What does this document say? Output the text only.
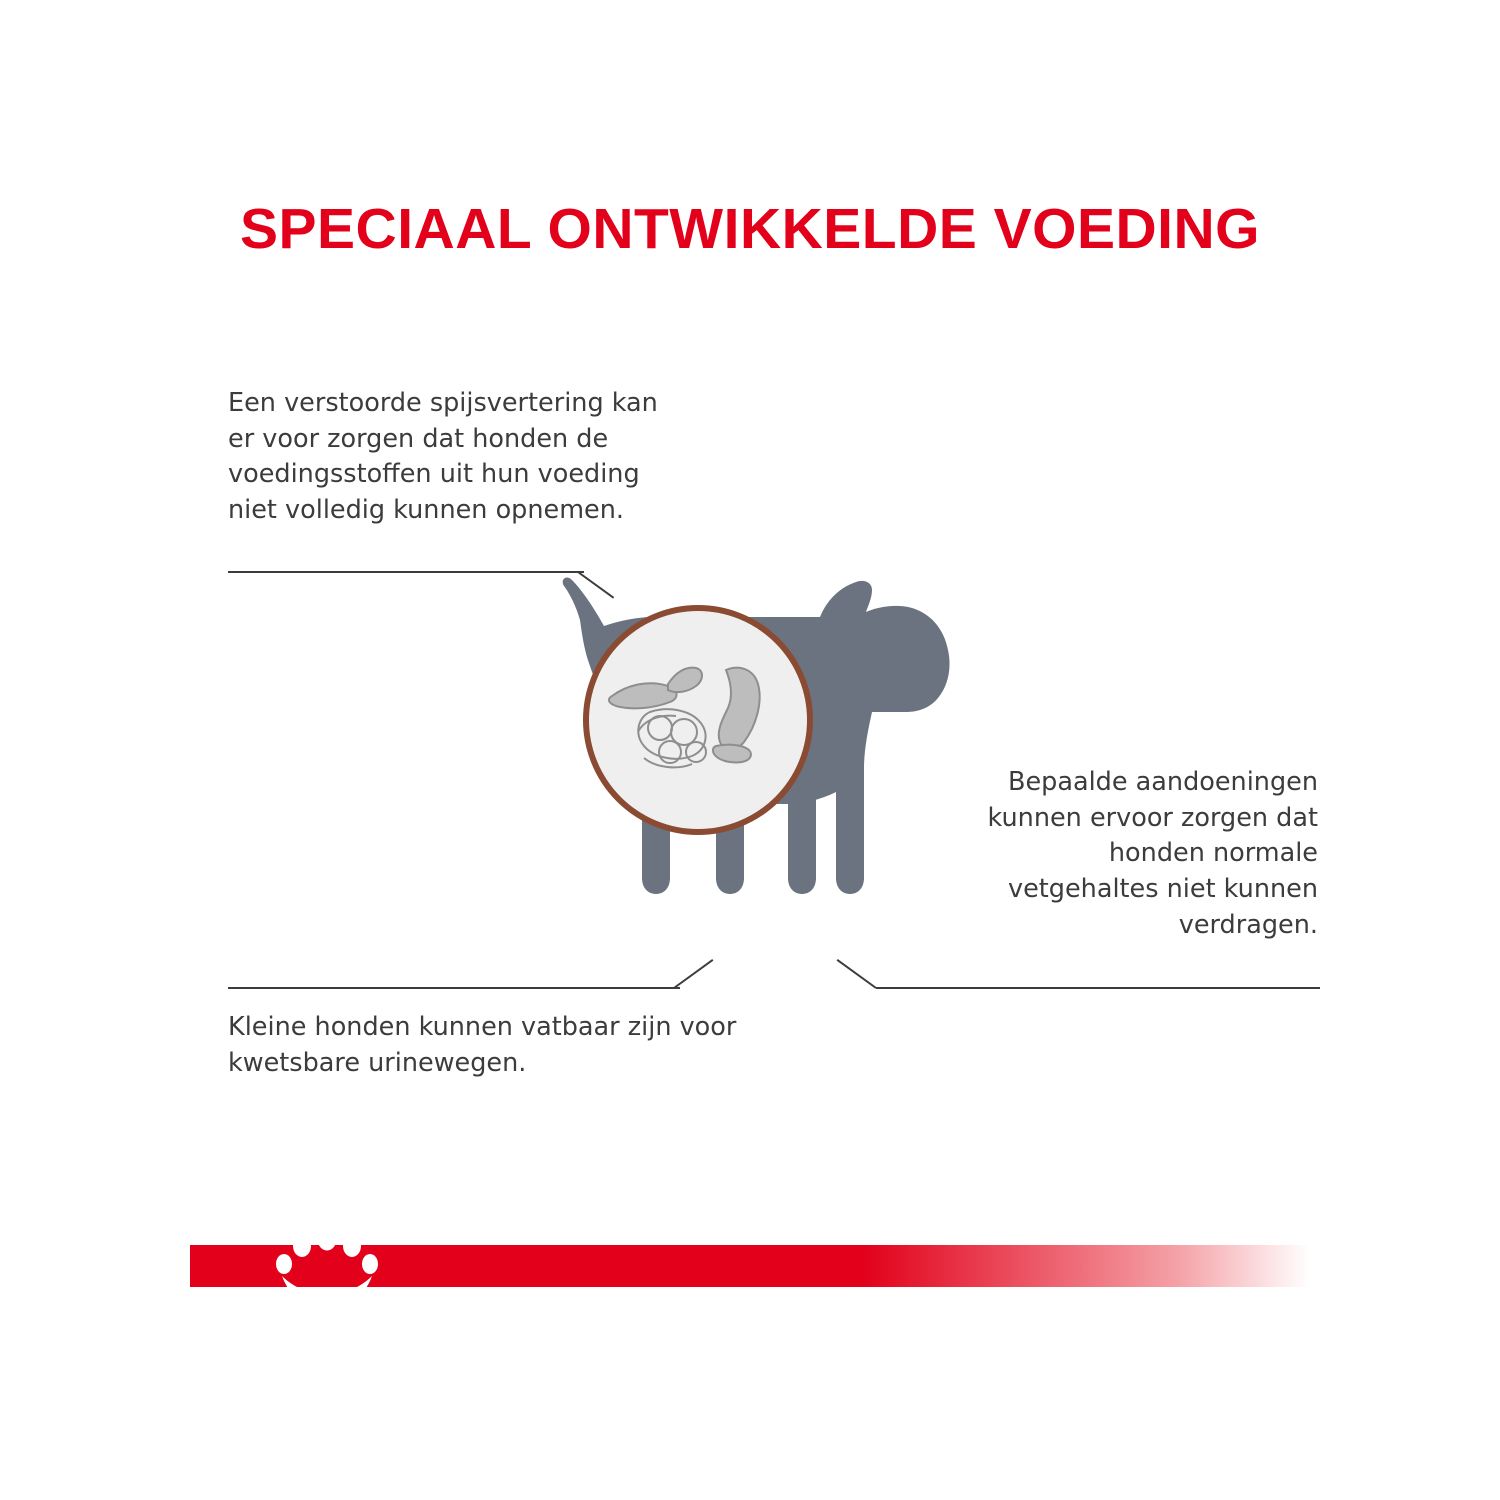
SPECIAAL ONTWIKKELDE VOEDING
Een verstoorde spijsvertering kan er voor zorgen dat honden de voedingsstoffen uit hun voeding niet volledig kunnen opnemen.
Bepaalde aandoeningen kunnen ervoor zorgen dat honden normale vetgehaltes niet kunnen verdragen.
Kleine honden kunnen vatbaar zijn voor kwetsbare urinewegen.
